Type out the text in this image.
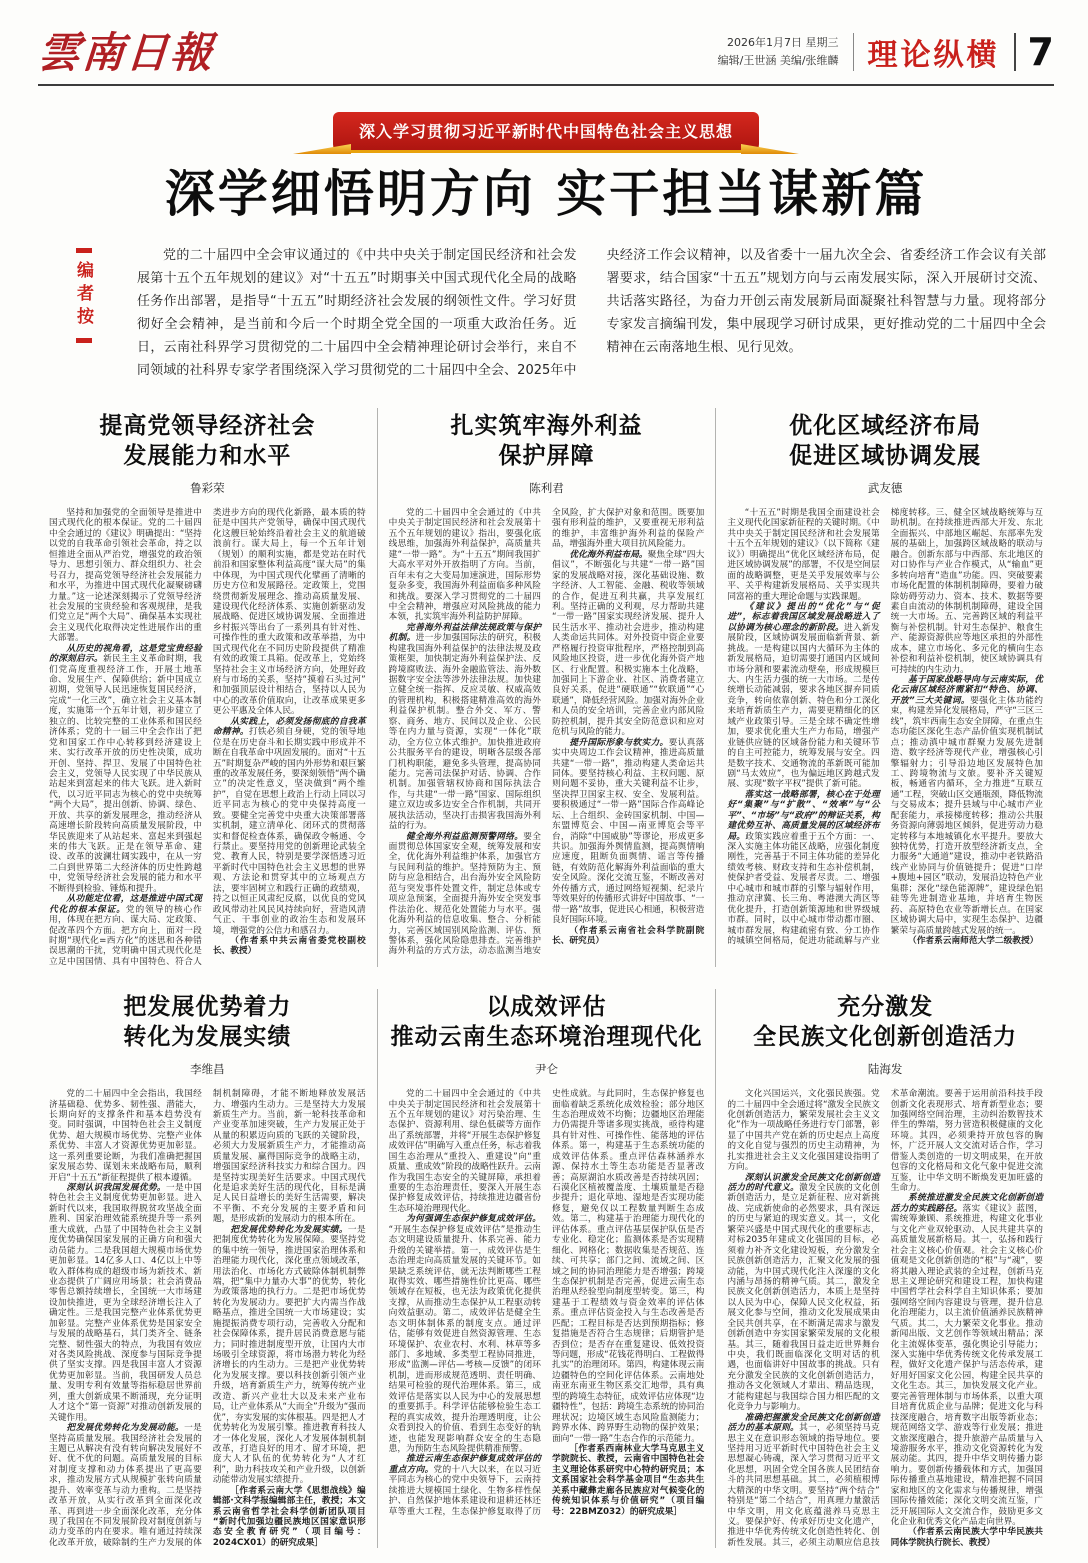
雲南日報	2026年1月7日 星期三
编辑/王世涵 美编/张维麟 理论纵横 7
深入学习贯彻习近平新时代中国特色社会主义思想
深学细悟明方向 实干担当谋新篇
编者按

党的二十届四中全会审议通过的《中共中央关于制定国民经济和社会发展第十五个五年规划的建议》对“十五五”时期事关中国式现代化全局的战略任务作出部署，是指导“十五五”时期经济社会发展的纲领性文件。学习好贯彻好全会精神，是当前和今后一个时期全党全国的一项重大政治任务。近日，云南社科界学习贯彻党的二十届四中全会精神理论研讨会举行，来自不同领域的社科界专家学者围绕深入学习贯彻党的二十届四中全会、2025年中央经济工作会议精神，以及省委十一届九次全会、省委经济工作会议有关部署要求，结合国家“十五五”规划方向与云南发展实际，深入开展研讨交流、共话落实路径，为奋力开创云南发展新局面凝聚社科智慧与力量。现将部分专家发言摘编刊发，集中展现学习研讨成果，更好推动党的二十届四中全会精神在云南落地生根、见行见效。

提高党领导经济社会
发展能力和水平
鲁彩荣

坚持和加强党的全面领导是推进中国式现代化的根本保证。党的二十届四中全会通过的《建议》明确提出：“坚持以党的自我革命引领社会革命，持之以恒推进全面从严治党，增强党的政治领导力、思想引领力、群众组织力、社会号召力，提高党领导经济社会发展能力和水平，为推进中国式现代化凝聚磅礴力量。”这一论述深刻揭示了党领导经济社会发展的宝贵经验和客观规律，是我们党立足“两个大局”、确保基本实现社会主义现代化取得决定性进展作出的重大部署。

从历史的视角看，这是党宝贵经验的深刻启示。新民主主义革命时期，我们党高度重视经济工作，开展土地革命、发展生产、保障供给；新中国成立初期，党领导人民迅速恢复国民经济，完成“一化三改”，确立社会主义基本制度，实施第一个五年计划，初步建立了独立的、比较完整的工业体系和国民经济体系；党的十一届三中全会作出了把党和国家工作中心转移到经济建设上来、实行改革开放的历史性决策，成功开创、坚持、捍卫、发展了中国特色社会主义，党领导人民实现了中华民族从站起来到富起来的伟大飞跃。进入新时代，以习近平同志为核心的党中央统筹“两个大局”，提出创新、协调、绿色、开放、共享的新发展理念，推动经济从高速增长阶段转向高质量发展阶段，中华民族迎来了从站起来、富起来到强起来的伟大飞跃。正是在领导革命、建设、改革的波澜壮阔实践中，在从一穷二白到世界第二大经济体的历史性跨越中，党领导经济社会发展的能力和水平不断得到检验、锤炼和提升。

从功能定位看，这是推进中国式现代化的根本保证。党的领导的核心作用，体现在把方向、谋大局、定政策、促改革四个方面。把方向上，面对一段时期“现代化=西方化”的迷思和各种错误思潮的干扰，党明确中国式现代化是立足中国国情、具有中国特色、符合人类进步方向的现代化新路，最本质的特征是中国共产党领导，确保中国式现代化这艘巨轮始终沿着社会主义的航道破浪前行。谋大局上，每一个五年计划（规划）的顺利实施，都是党站在时代前沿和国家整体利益高度“谋大局”的集中体现，为中国式现代化擘画了清晰的历史方位和发展路径。定政策上，党围绕贯彻新发展理念、推动高质量发展、建设现代化经济体系、实施创新驱动发展战略、促进区域协调发展、全面推进乡村振兴等出台了一系列具有针对性、可操作性的重大政策和改革举措，为中国式现代化在不同历史阶段提供了精准有效的政策工具箱。促改革上，党始终坚持社会主义市场经济方向，处理好政府与市场的关系，坚持“摸着石头过河”和加强顶层设计相结合，坚持以人民为中心的改革价值取向，让改革成果更多更公平惠及全体人民。

从实践上，必须发扬彻底的自我革命精神。打铁必须自身硬，党的领导地位是在历史奋斗和长期实践中形成并不断在自我革命中巩固发展的。面对“十五五”时期复杂严峻的国内外形势和艰巨繁重的改革发展任务，要深刻领悟“两个确立”的决定性意义，坚决做到“两个维护”，自觉在思想上政治上行动上同以习近平同志为核心的党中央保持高度一致。要健全完善党中央重大决策部署落实机制，建立清单化、闭环式的贯彻落实和督促检查体系，确保政令畅通、令行禁止。要坚持用党的创新理论武装全党、教育人民，特别是要学深悟透习近平新时代中国特色社会主义思想的世界观、方法论和贯穿其中的立场观点方法，要牢固树立和践行正确的政绩观，持之以恒正风肃纪反腐，以优良的党风政风带动社风民风持续向好，营造风清气正、干事创业的政治生态和发展环境，增强党的公信力和感召力。

（作者系中共云南省委党校副校长、教授）

扎实筑牢海外利益
保护屏障
陈利君

党的二十届四中全会通过的《中共中央关于制定国民经济和社会发展第十五个五年规划的建议》指出，要强化底线思维，加强海外利益保护，高质量共建“一带一路”。为“十五五”期间我国扩大高水平对外开放指明了方向。当前，百年未有之大变局加速演进，国际形势复杂多变，我国海外利益面临多种风险和挑战。要深入学习贯彻党的二十届四中全会精神，增强应对风险挑战的能力本领，扎实筑牢海外利益防护屏障。

完善海外利益法律法规政策与保护机制。进一步加强国际法的研究，积极构建我国海外利益保护的法律法规及政策框架，加快制定海外利益保护法、反跨境腐败法、海外金融监管法、海外数据数字安全法等涉外法律法规。加快建立健全统一指挥、反应灵敏、权威高效的管理机构，积极搭建精准高效的海外利益保护机制。整合外交、军方、警察、商务、地方、民间以及企业、公民等在内力量与资源，实现“一体化”联动，全方位立体式维护。加快推进政府公共服务平台的建设，明晰各层级各部门机构职能，避免多头管理，提高协同能力。完善司法保护对话、协调、合作机制。加强管辖权协商和国际执法合作，与共建“一带一路”国家、国际组织建立双边或多边安全合作机制，共同开展执法活动，坚决打击损害我国海外利益的行为。

健全海外利益监测预警网络。要全面贯彻总体国家安全观，统筹发展和安全，优化海外利益维护体系，加强官方与民间利益的维护。坚持预防为主、预防与应急相结合，出台海外安全风险防范与突发事件处置文件，制定总体或专项应急预案，全面提升海外安全突发事件法治化、规范化处置能力与水平。强化海外利益的信息收集、整合、分析能力，完善区域国别风险监测、评估、预警体系，强化风险隐患排查。完善维护海外利益的方式方法，动态监测当地安全风险，扩大保护对象和范围。既要加强有形利益的维护，又要重视无形利益的维护，丰富维护海外利益的保险产品，增强海外重大项目抗风险能力。

优化海外利益布局。聚焦全球“四大倡议”，不断强化与共建“一带一路”国家的发展战略对接，深化基础设施、数字经济、人工智能、金融、税收等领域的合作，促进互利共赢，共享发展红利。坚持正确的义利观，尽力帮助共建“一带一路”国家实现经济发展、提升人民生活水平、推动社会进步，推动构建人类命运共同体。对外投资中资企业要严格履行投资审批程序，严格控制到高风险地区投资，进一步优化海外资产地区、行业配置。积极实施本土化战略，加强同上下游企业、社区、消费者建立良好关系，促进“硬联通”“软联通”“心联通”，降低经营风险。加强对海外企业和人员的安全培训，完善企业内部风险防控机制，提升其安全防范意识和应对危机与风险的能力。

提升国际形象与软实力。要认真落实中央周边工作会议精神，推进高质量共建“一带一路”，推动构建人类命运共同体。要坚持核心利益、主权问题、原则问题不妥协，重大关键利益不让步，坚决捍卫国家主权、安全、发展利益。要积极通过“一带一路”国际合作高峰论坛、上合组织、金砖国家机制、中国—东盟博览会、中国—南亚博览会等平台，消除“中国威胁”等谬论，形成更多共识。加强海外舆情监测，提高舆情响应速度，阻断负面舆情、谣言等传播链，有效防范化解海外利益面临的重大安全风险。深化交流互鉴，不断改善对外传播方式，通过网络短视频、纪录片等效果好的传播形式讲好中国故事、“一带一路”故事，促进民心相通，积极营造良好国际环境。

（作者系云南省社会科学院副院长、研究员）

优化区域经济布局
促进区域协调发展
武友德

“十五五”时期是我国全面建设社会主义现代化国家新征程的关键时期。《中共中央关于制定国民经济和社会发展第十五个五年规划的建议》（以下简称《建议》）明确提出“优化区域经济布局，促进区域协调发展”的部署，不仅是空间层面的战略调整，更是关乎发展效率与公平、关乎构建新发展格局、关乎实现共同富裕的重大理论命题与实践课题。

《建议》提出的“优化”与“促进”，标志着我国区域发展战略进入了以协调为核心理念的新阶段。进入新发展阶段，区域协调发展面临新背景、新挑战。一是构建以国内大循环为主体的新发展格局，迫切需要打通国内区域间市场分割和要素流动壁垒，形成规模巨大、内生活力强的统一大市场。二是传统增长动能减弱，要求各地区摒弃同质竞争，转向依靠创新、特色和分工深化来培育新质生产力，需要更精细化的区域产业政策引导。三是全球不确定性增加，要求优化重大生产力布局，增强产业链供应链的区域备份能力和关键环节的自主可控能力，统筹发展与安全。四是数字技术、交通物流的革新既可能加剧“马太效应”，也为偏远地区跨越式发展、实现“数字平权”提供了新可能。

落实这一战略部署，核心在于处理好“集聚”与“扩散”、“效率”与“公平”、“市场”与“政府”的辩证关系，构建优势互补、高质量发展的区域经济布局。政策实践应着重于五个方面：一、深入实施主体功能区战略，应强化制度刚性，完善基于不同主体功能的差异化绩效考核、财政支持和生态补偿机制，使保护者受益、发展者尽责。二、增强中心城市和城市群的引擎与辐射作用，推动京津冀、长三角、粤港澳大湾区等优化提升，打造创新策源地和世界级城市群。同时，以中心城市带动都市圈、城市群发展，构建疏密有致、分工协作的城镇空间格局，促进功能疏解与产业梯度转移。三、健全区域战略统筹与互助机制。在持续推进西部大开发、东北全面振兴、中部地区崛起、东部率先发展的基础上，加强跨区域战略的联动与融合。创新东部与中西部、东北地区的对口协作与产业合作模式，从“输血”更多转向培育“造血”功能。四、突破要素市场化配置的体制机制障碍，要着力破除妨碍劳动力、资本、技术、数据等要素自由流动的体制机制障碍，建设全国统一大市场。五、完善跨区域的利益平衡与补偿机制。针对生态保护、粮食生产、能源资源供应等地区承担的外部性成本，建立市场化、多元化的横向生态补偿和利益补偿机制，使区域协调具有可持续的内生动力。

基于国家战略导向与云南实际，优化云南区域经济需紧扣“特色、协调、开放”三大关键词。要强化主体功能约束，构建差异化发展格局，严守“三区三线”，筑牢西南生态安全屏障，在重点生态功能区深化生态产品价值实现机制试点；推动滇中城市群聚力发展先进制造、数字经济等现代产业，增强核心引擎辐射力；引导沿边地区发展特色加工、跨境物流与文旅。要补齐关键短板，畅通省内循环，全力推进“互联互通”工程，突破山区交通瓶颈，降低物流与交易成本；提升县域与中心城市产业配套能力，承接梯度转移；推动公共服务资源向薄弱地区倾斜，促进劳动力稳定转移与本地城镇化水平提升。要放大独特优势，打造开放型经济新支点，全力服务“大通道”建设，推动中老铁路沿线产业协同与价值链提升；促进“口岸+腹地+园区”联动，发展沿边特色产业集群；深化“绿色能源牌”，建设绿色铝硅等先进制造业基地，并培育生物医药、高原特色农业等新增长点。在国家区域协调大局中，实现生态保护、边疆繁荣与高质量跨越式发展的统一。

（作者系云南师范大学二级教授）

把发展优势着力
转化为发展实绩
李维昌

党的二十届四中全会指出，我国经济基础稳、优势多、韧性强、潜能大，长期向好的支撑条件和基本趋势没有变。同时强调，中国特色社会主义制度优势、超大规模市场优势、完整产业体系优势、丰富人才资源优势更加彰显。这一系列重要论断，为我们准确把握国家发展态势、谋划未来战略布局，顺利开启“十五五”新征程提供了根本遵循。

深刻认识我国发展优势。一是中国特色社会主义制度优势更加彰显。进入新时代以来，我国取得脱贫攻坚战全面胜利、国家治理效能系统提升等一系列重大成就，凸显了中国特色社会主义制度优势确保国家发展的正确方向和强大动员能力。二是我国超大规模市场优势更加彰显。14亿多人口、4亿以上中等收入群体构成的超级市场为新技术、新业态提供了广阔应用场景；社会消费品零售总额持续增长，全国统一大市场建设加快推进，更为全球经济增长注入了确定性。三是我国完整产业体系优势更加彰显。完整产业体系优势是国家安全与发展的战略基石，其门类齐全、链条完整、韧性强大的特点，为我国有效应对各类风险挑战、深度参与国际竞争提供了坚实支撑。四是我国丰富人才资源优势更加彰显。当前，我国研发人员总量、发明专利有效量等指标稳居世界前列，重大创新成果不断涌现，充分证明人才这个“第一资源”对推动创新发展的关键作用。

把发展优势转化为发展动能。一是坚持高质量发展。我国经济社会发展的主题已从解决有没有转向解决发展好不好、优不优的问题。高质量发展的目标对制度支撑和动力体系提出了更高要求，推动发展方式从规模扩张转向质量提升、效率变革与动力重构。二是坚持改革开放，从实行改革到全面深化改革、再到进一步全面深化改革，充分体现了我国在不同发展阶段对制度创新与动力变革的内在要求。唯有通过持续深化改革开放，破除制约生产力发展的体制机制障碍，才能不断地释放发展活力、增强内生动力。三是坚持大力发展新质生产力。当前，新一轮科技革命和产业变革加速突破，生产力发展正处于从量的积累迈向质的飞跃的关键阶段，必须大力发展新质生产力，才能推动高质量发展、赢得国际竞争的战略主动，增强国家经济科技实力和综合国力。四是坚持实现美好生活要求。中国式现代化是追求美好生活的现代化，目标是满足人民日益增长的美好生活需要，解决不平衡、不充分发展的主要矛盾和问题，是形成新的发展动力的根本所在。

把发展优势转化为发展实绩。一是把制度优势转化为发展保障。要坚持党的集中统一领导，推进国家治理体系和治理能力现代化，深化重点领域改革，用法治化、市场化方式破除体制机制弊端，把“集中力量办大事”的优势，转化为政策落地的执行力。二是把市场优势转化为发展动力。要把扩大内需当作战略基点，推进全国统一大市场建设；实施提振消费专项行动，完善收入分配和社会保障体系，提升居民消费意愿与能力；同时推进制度型开放，让国内大市场吸引全球资源，将市场潜力转化为经济增长的内生动力。三是把产业优势转化为发展支撑。要以科技创新引领产业升级，培育新质生产力，统筹传统产业改造、新兴产业壮大以及未来产业布局，让产业体系从“大而全”升级为“强而优”，夯实发展的实体根基。四是把人才优势转化为发展引擎。推进教育科技人才一体化发展，深化人才发展体制机制改革，打造良好的用才、留才环境，把庞大人才队伍的优势转化为“人才红利”，助力科技攻关和产业升级，以创新动能带动发展实绩提升。

［作者系云南大学《思想战线》编辑部·文科学报编辑部主任，教授；本文系云南省哲学社会科学创新团队项目“新时代加强边疆民族地区国家意识形态安全教育研究”（项目编号：2024CX01）的研究成果］

以成效评估
推动云南生态环境治理现代化
尹仑

党的二十届四中全会通过的《中共中央关于制定国民经济和社会发展第十五个五年规划的建议》对污染治理、生态保护、资源利用、绿色低碳等方面作出了系统部署，并将“开展生态保护修复成效评估”明确写入重点任务，标志着我国生态治理从“重投入、重建设”向“重质量、重成效”阶段的战略性跃升。云南作为我国生态安全的关键屏障，承担着重要的生态治理责任，要深入开展生态保护修复成效评估，持续推进边疆省份生态环境治理现代化。

为何强调生态保护修复成效评估。“开展生态保护修复成效评估”是推动生态文明建设质量提升、体系完善、能力升级的关键举措。第一，成效评估是生态治理走向高质量发展的关键环节。如果缺乏系统评估，就无法判断哪些工程取得实效、哪些措施性价比更高、哪些领域存在短板，也无法为政策优化提供支撑，从而推动生态保护从工程驱动转向效益驱动。第二，成效评估是健全生态文明体制体系的制度支点。通过评估，能够有效促进自然资源管理、生态环境保护、农业农村、水利、林草等多部门、多地域、多类型工程协同推进，形成“监测—评估—考核—反馈”的闭环机制，进而形成规范透明、责任明确、结果可检验的现代治理体系。第三，成效评估是落实以人民为中心的发展思想的重要抓手。科学评估能够检验生态工程的真实成效，提升治理透明度，让公众看到投入的价值、看到生态变好的轨迹，也能发现影响群众安全的生态隐患，为预防生态风险提供精准预警。

推进云南生态保护修复成效评估的重点方向。党的十八大以来，在以习近平同志为核心的党中央领导下，云南持续推进大规模国土绿化、生物多样性保护、自然保护地体系建设和退耕还林还草等重大工程，生态保护修复取得了历史性成就。与此同时，生态保护修复也面临着缺乏系统化成效检验；部分地区生态治理成效不均衡；边疆地区治理能力仍需提升等诸多现实挑战，亟待构建具有针对性、可操作性、能落地的评估体系。第一，构建基于生态系统功能的成效评估体系。重点评估森林涵养水源、保持水土等生态功能是否显著改善；高原湖泊水质改善是否持续巩固；石漠化区植被覆盖度、土壤质量是否稳步提升；退化草地、湿地是否实现功能修复，避免仅以工程数量判断生态成效。第二，构建基于治理能力现代化的评估体系。重点评估基层保护队伍是否专业化、稳定化；监测体系是否实现精细化、网格化；数据收集是否规范、连续、可共享；部门之间、流域之间、区域之间的协同治理能力是否增强；跨境生态保护机制是否完善，促进云南生态治理从经验型向制度型转变。第三，构建基于工程绩效与资金效率的评估体系。重点评估资金投入与生态改善是否匹配；工程目标是否达到预期指标；修复措施是否符合生态规律；后期管护是否到位；是否存在重复建设、低效投资等问题，形成“花钱花得明白、工程做得扎实”的治理闭环。第四，构建体现云南边疆特色的空间化评估体系。云南地处南亚东南亚生物区系交汇地带，具有典型的跨境生态特征，成效评估应体现“边疆特性”，包括：跨境生态系统的协同治理状况；边境区域生态风险监测能力；跨界水体、跨界野生动物的保护效果；面向“一带一路”生态合作的示范能力。

［作者系西南林业大学马克思主义学院院长、教授，云南省中国特色社会主义理论体系研究中心特约研究员；本文系国家社会科学基金项目“生态共生关系中藏彝走廊各民族应对气候变化的传统知识体系与价值研究”（项目编号：22BMZ032）的研究成果］

充分激发
全民族文化创新创造活力
陆海发

文化兴国运兴，文化强民族强。党的二十届四中全会通过将“激发全民族文化创新创造活力，繁荣发展社会主义文化”作为一项战略任务进行专门部署，彰显了中国共产党在新的历史起点上高度的文化自觉与强烈的历史主动精神，为扎实推进社会主义文化强国建设指明了方向。

深刻认识激发全民族文化创新创造活力的时代意义。激发全民族的文化创新创造活力，是立足新征程、应对新挑战、完成新使命的必然要求，具有深远的历史与紧迫的现实意义。其一，文化繁荣兴盛是中国式现代化的重要标志，对标2035年建成文化强国的目标，必须着力补齐文化建设短板，充分激发全民族创新创造活力，汇聚文化发展的强动能，为中国式现代化注入深邃的文化内涵与昂扬的精神气质。其二，激发全民族文化创新创造活力，本质上是坚持以人民为中心，保障人民文化权益，拓展文化参与空间，推动文化发展成果由全民共创共享，在不断满足需求与激发创新创造中夯实国家繁荣发展的文化根基。其三，随着我国日益走近世界舞台中央，我们既面临深化文明对话的机遇，也面临讲好中国故事的挑战。只有充分激发全民族的文化创新创造活力，推动各文化领域人才辈出、精品迭现，才能构建起与我国综合国力相匹配的文化竞争力与影响力。

准确把握激发全民族文化创新创造活力的基本原则。其一，必须坚持马克思主义在意识形态领域的指导地位。要坚持用习近平新时代中国特色社会主义思想凝心铸魂，深入学习贯彻习近平文化思想，巩固全党全国各族人民团结奋斗的共同思想基础。其二，必须植根博大精深的中华文明。要坚持“两个结合”特别是“第二个结合”，用真理力量激活中华文明，用文化底蕴滋养马克思主义。要保护好、传承好历史文化遗产，推进中华优秀传统文化创造性转化、创新性发展。其三，必须主动顺应信息技术革命潮流。要善于运用前沿科技手段创新文化表现形式、培育新型业态；要加强网络空间治理，主动纠治数智技术伴生的弊端，努力营造积极健康的文化环境。其四，必须秉持开放包容的胸怀，广泛开展人文交流对话合作，学习借鉴人类创造的一切文明成果，在开放包容的文化格局和文化气象中促进交流互鉴，让中华文明不断焕发更加旺盛的生命力。

系统推进激发全民族文化创新创造活力的实践路径。落实《建议》蓝图，需统筹兼顾、系统推进，构建文化事业与文化产业双轮驱动、人民共建共享的高质量发展新格局。其一，弘扬和践行社会主义核心价值观。社会主义核心价值观是文化创新创造的“根”与“魂”，要将其融入理论武装的全过程，创新马克思主义理论研究和建设工程，加快构建中国哲学社会科学自主知识体系；要加强网络空间内容建设与管理，提升信息化治理能力，以主流价值涵养民族精神气质。其二，大力繁荣文化事业。推动新闻出版、文艺创作等领域出精品；深化主流媒体变革，强化舆论引导能力；深入实施中华优秀传统文化传承发展工程，做好文化遗产保护与活态传承，建好用好国家文化公园，构建全民共享的文化生态。其三，加快发展文化产业。要完善管理体制与市场体系，以重大项目培育优质企业与品牌；促进文化与科技深度融合，培育数字出版等新业态；规范网络文学、游戏等行业发展；推进文旅深度融合，提升旅游产品质量与入境游服务水平，推动文化资源转化为发展动能。其四，提升中华文明传播力影响力。要创新传播载体和方式，加强国际传播重点基地建设，精准把握不同国家和地区的文化需求与传播规律，增强国际传播效能；深化文明交流互鉴，广泛开展国际人文交流合作，鼓励更多文化企业和优秀文化产品走向世界。

（作者系云南民族大学中华民族共同体学院执行院长、教授）
